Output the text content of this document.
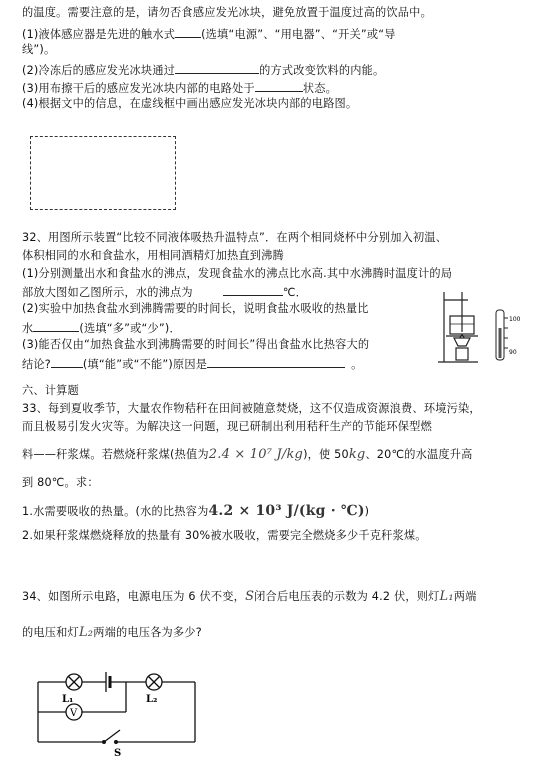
的温度。需要注意的是，请勿否食感应发光冰块，避免放置于温度过高的饮品中。
(1)液体感应器是先进的触水式 (选填“电源”、“用电器”、“开关”或“导
线”)。
(2)冷冻后的感应发光冰块通过	的方式改变饮料的内能。
(3)用布擦干后的感应发光冰块内部的电路处于	状态。
(4)根据文中的信息，在虚线框中画出感应发光冰块内部的电路图。
32、用图所示装置“比较不同液体吸热升温特点”．在两个相同烧杯中分别加入初温、
体积相同的水和食盐水，用相同酒精灯加热直到沸腾
(1)分别测量出水和食盐水的沸点，发现食盐水的沸点比水高.其中水沸腾时温度计的局
部放大图如乙图所示，水的沸点为	℃．
(2)实验中加热食盐水到沸腾需要的时间长，说明食盐水吸收的热量比
水	(选填“多”或“少”)．
(3)能否仅由“加热食盐水到沸腾需要的时间长”得出食盐水比热容大的
结论?	(填“能”或“不能”)原因是	。
100
90
六、计算题
33、每到夏收季节，大量农作物秸秆在田间被随意焚烧，这不仅造成资源浪费、环境污染，
而且极易引发火灾等。为解决这一问题，现已研制出利用秸秆生产的节能环保型燃
料——秆浆煤。若燃烧秆浆煤(热值为2.4 × 10⁷ J/kg)，使 50kg、20℃的水温度升高
到 80℃。求：
1.水需要吸收的热量。(水的比热容为4.2 × 10³ J/(kg · ℃))
2.如果秆浆煤燃烧释放的热量有 30%被水吸收，需要完全燃烧多少千克秆浆煤。
34、如图所示电路，电源电压为 6 伏不变，S闭合后电压表的示数为 4.2 伏，则灯L₁两端
的电压和灯L₂两端的电压各为多少?
V
L₁	L₂
S
